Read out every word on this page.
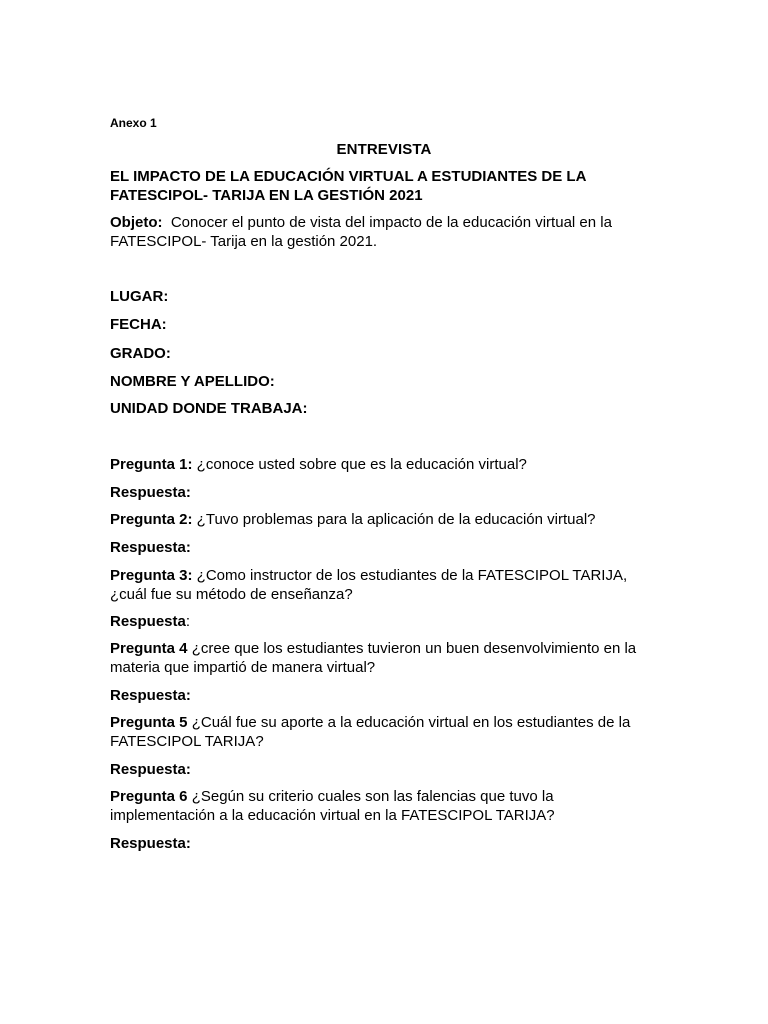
Anexo 1
ENTREVISTA
EL IMPACTO DE LA EDUCACIÓN VIRTUAL A ESTUDIANTES DE LA
FATESCIPOL- TARIJA EN LA GESTIÓN 2021
Objeto:  Conocer el punto de vista del impacto de la educación virtual en la
FATESCIPOL- Tarija en la gestión 2021.
LUGAR:
FECHA:
GRADO:
NOMBRE Y APELLIDO:
UNIDAD DONDE TRABAJA:
Pregunta 1: ¿conoce usted sobre que es la educación virtual?
Respuesta:
Pregunta 2: ¿Tuvo problemas para la aplicación de la educación virtual?
Respuesta:
Pregunta 3: ¿Como instructor de los estudiantes de la FATESCIPOL TARIJA,
¿cuál fue su método de enseñanza?
Respuesta:
Pregunta 4 ¿cree que los estudiantes tuvieron un buen desenvolvimiento en la
materia que impartió de manera virtual?
Respuesta:
Pregunta 5 ¿Cuál fue su aporte a la educación virtual en los estudiantes de la
FATESCIPOL TARIJA?
Respuesta:
Pregunta 6 ¿Según su criterio cuales son las falencias que tuvo la
implementación a la educación virtual en la FATESCIPOL TARIJA?
Respuesta:
